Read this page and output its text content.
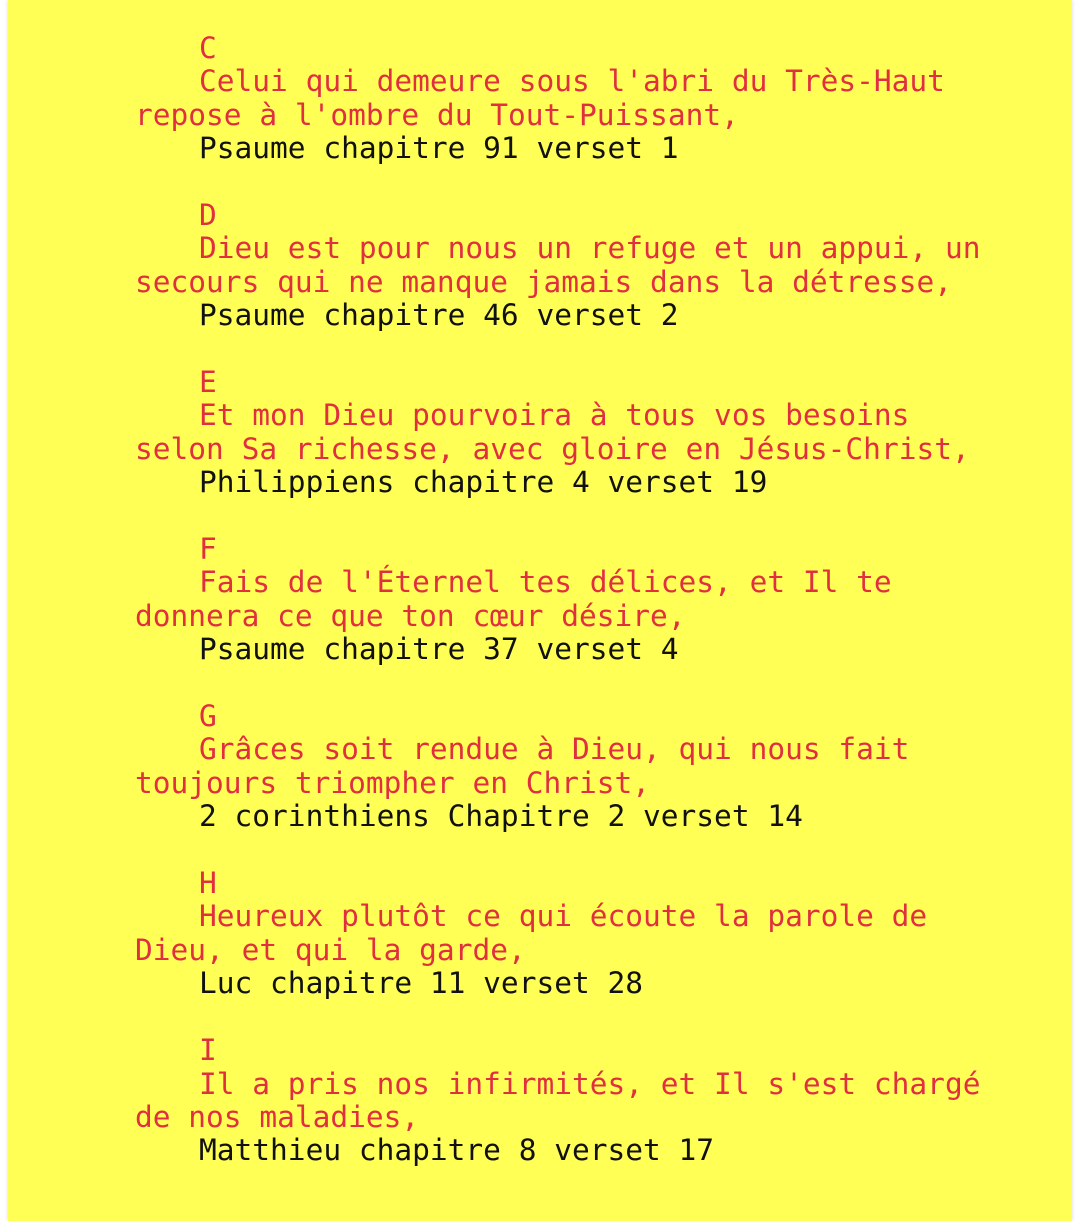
C
Celui qui demeure sous l'abri du Très-Haut
repose à l'ombre du Tout-Puissant,
Psaume chapitre 91 verset 1
D
Dieu est pour nous un refuge et un appui, un
secours qui ne manque jamais dans la détresse,
Psaume chapitre 46 verset 2
E
Et mon Dieu pourvoira à tous vos besoins
selon Sa richesse, avec gloire en Jésus-Christ,
Philippiens chapitre 4 verset 19
F
Fais de l'Éternel tes délices, et Il te
donnera ce que ton cœur désire,
Psaume chapitre 37 verset 4
G
Grâces soit rendue à Dieu, qui nous fait
toujours triompher en Christ,
2 corinthiens Chapitre 2 verset 14
H
Heureux plutôt ce qui écoute la parole de
Dieu, et qui la garde,
Luc chapitre 11 verset 28
I
Il a pris nos infirmités, et Il s'est chargé
de nos maladies,
Matthieu chapitre 8 verset 17
